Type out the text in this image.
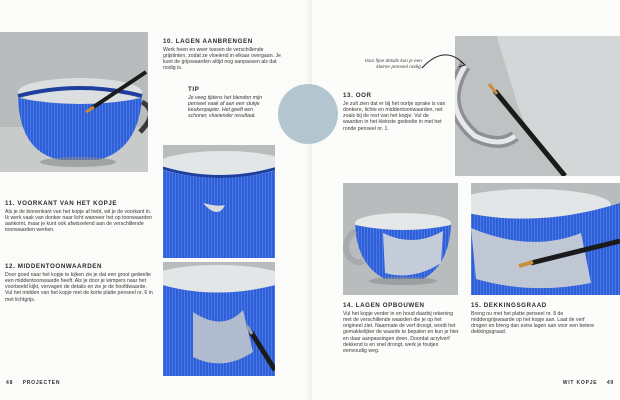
Voor fijne details kun je een kleiner penseel nodig.
10. LAGEN AANBRENGEN

Werk heen en weer tussen de verschillende grijstinten, zodat ze vloeiend in elkaar overgaan. Je kunt de grijswaarden altijd nog aanpassen als dat nodig is.

TIP

Je veeg tijdens het blenden mijn penseel vaak af aan een stukje keukenpapier. Het geeft een schoner, vloeiender resultaat.

11. VOORKANT VAN HET KOPJE

Als je de binnenkant van het kopje af hebt, wil je de voorkant in. Ik werk vaak van donker naar licht wanneer het op toonwaarden aankomt, maar je kunt ook afwisselend aan de verschillende toonwaarden werken.

12. MIDDENTOONWAARDEN

Door goed naar het kopje te kijken zie je dat een groot gedeelte een middentoonwaarde heeft. Als je door je wimpers naar het voorbeeld kijkt, vervagen de details en zie je de hoofdwaarde. Vul het midden van het kopje met de korte platte penseel nr. 6 in met lichtgrijs.

13. OOR

Je zult zien dat er bij het oortje sprake is van donkere, lichte en middentoonwaarden, net zoals bij de rest van het kopje. Vul de waarden in het kleinste gedeelte in met het ronde penseel nr. 1.

14. LAGEN OPBOUWEN

Vul het kopje verder in en houd daarbij rekening met de verschillende waarden die je op het origineel ziet. Naarmate de verf droogt, wordt het gemakkelijker de waarde te bepalen en kun je hier en daar aanpassingen doen. Doordat acrylverf dekkend is en snel droogt, werk je foutjes eenvoudig weg.

15. DEKKINGSGRAAD

Breng nu met het platte penseel nr. 8 de middengrijswaarde op het kopje aan. Laat de verf drogen en breng dan extra lagen aan voor een betere dekkingsgraad.

48 PROJECTEN	WIT KOPJE 49
